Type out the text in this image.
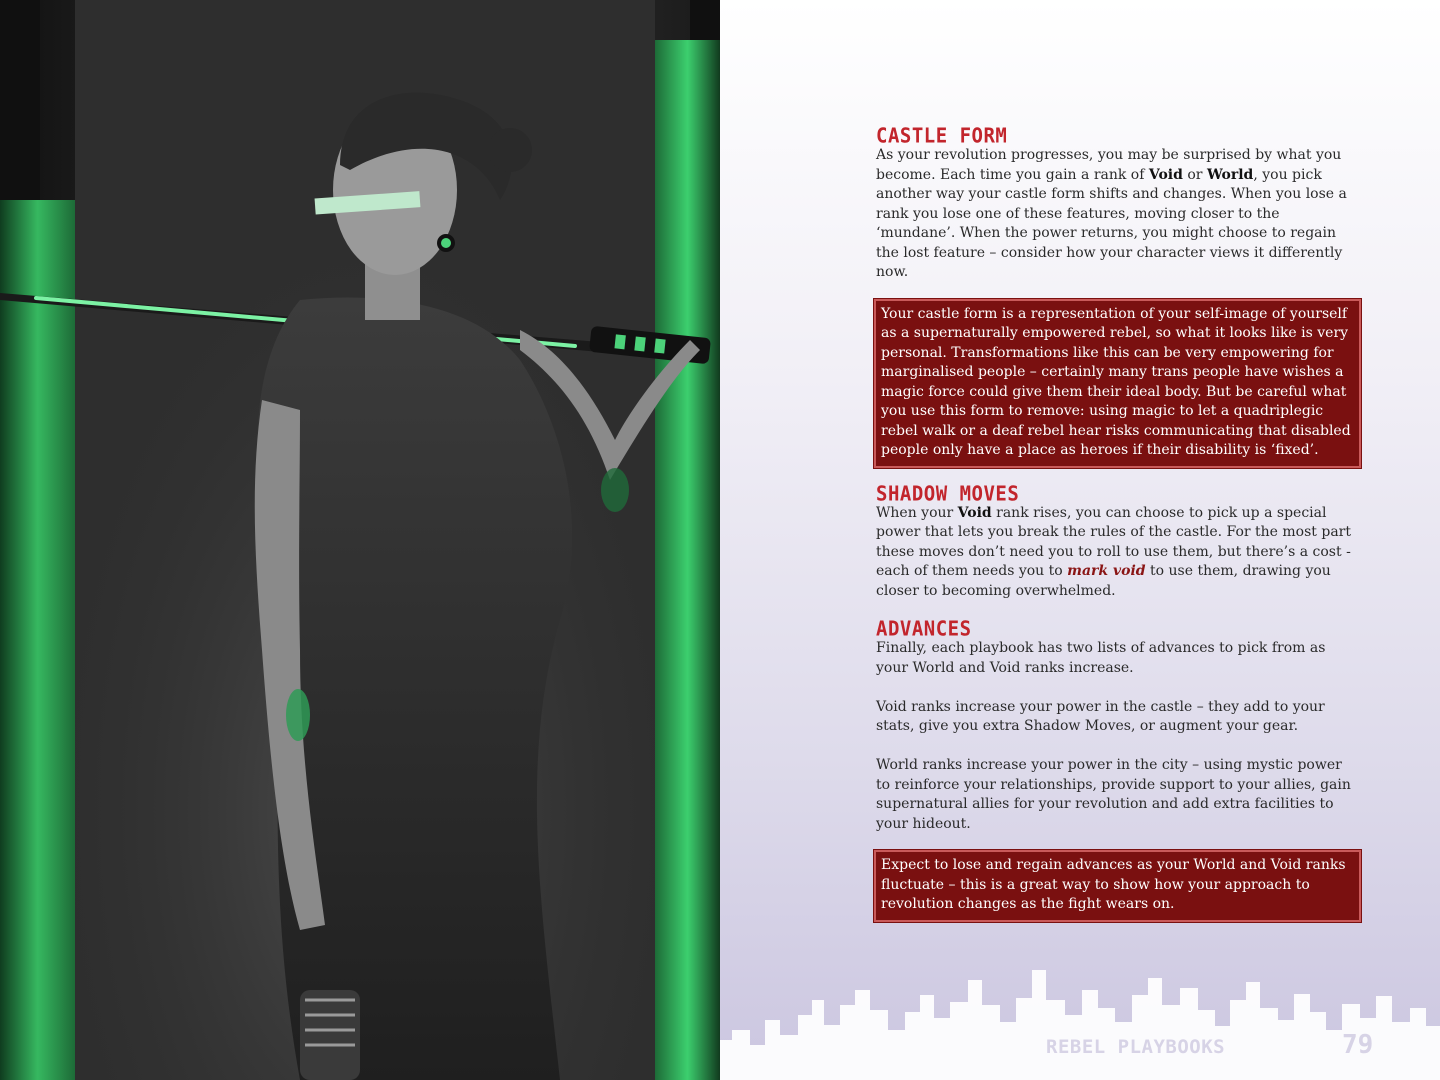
CASTLE FORM

As your revolution progresses, you may be surprised by what you become. Each time you gain a rank of Void or World, you pick another way your castle form shifts and changes. When you lose a rank you lose one of these features, moving closer to the ‘mundane’. When the power returns, you might choose to regain the lost feature – consider how your character views it differently now.

Your castle form is a representation of your self-image of yourself as a supernaturally empowered rebel, so what it looks like is very personal. Transformations like this can be very empowering for marginalised people – certainly many trans people have wishes a magic force could give them their ideal body. But be careful what you use this form to remove: using magic to let a quadriplegic rebel walk or a deaf rebel hear risks communicating that disabled people only have a place as heroes if their disability is ‘fixed’.

SHADOW MOVES

When your Void rank rises, you can choose to pick up a special power that lets you break the rules of the castle. For the most part these moves don’t need you to roll to use them, but there’s a cost - each of them needs you to mark void to use them, drawing you closer to becoming overwhelmed.

ADVANCES

Finally, each playbook has two lists of advances to pick from as your World and Void ranks increase.

Void ranks increase your power in the castle – they add to your stats, give you extra Shadow Moves, or augment your gear.

World ranks increase your power in the city – using mystic power to reinforce your relationships, provide support to your allies, gain supernatural allies for your revolution and add extra facilities to your hideout.

Expect to lose and regain advances as your World and Void ranks fluctuate – this is a great way to show how your approach to revolution changes as the fight wears on.

REBEL PLAYBOOKS	79
